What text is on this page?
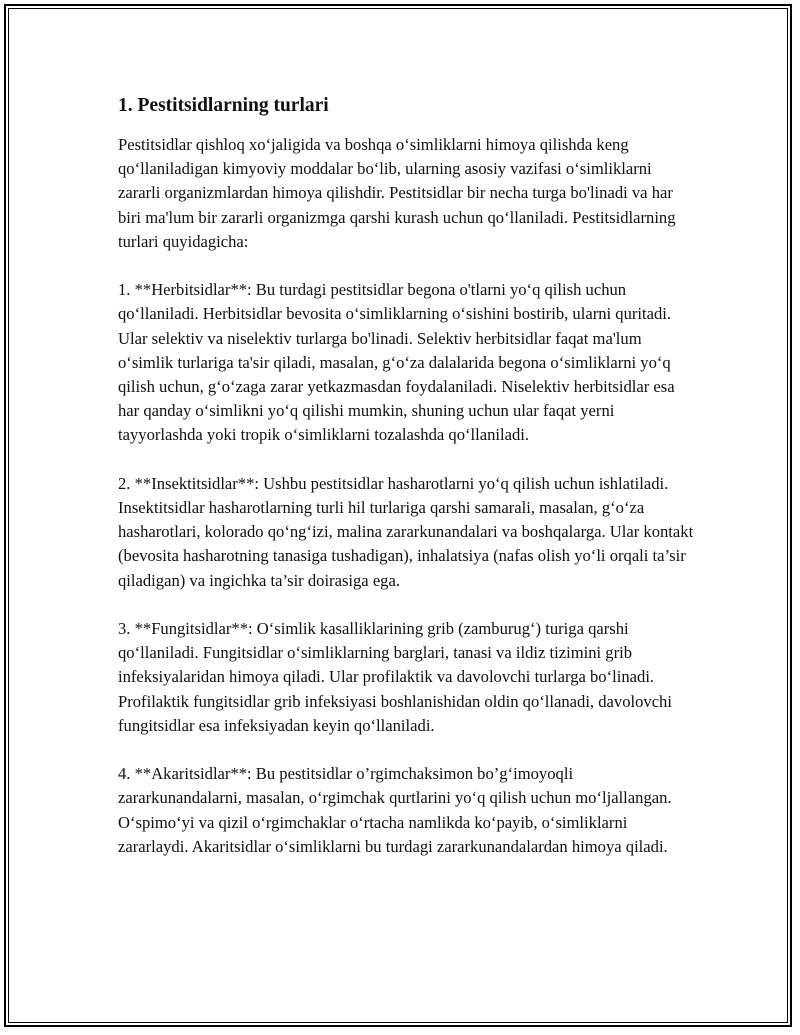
1. Pestitsidlarning turlari

Pestitsidlar qishloq xo‘jaligida va boshqa o‘simliklarni himoya qilishda keng qo‘llaniladigan kimyoviy moddalar bo‘lib, ularning asosiy vazifasi o‘simliklarni zararli organizmlardan himoya qilishdir. Pestitsidlar bir necha turga bo'linadi va har biri ma'lum bir zararli organizmga qarshi kurash uchun qo‘llaniladi. Pestitsidlarning turlari quyidagicha:

1. **Herbitsidlar**: Bu turdagi pestitsidlar begona o'tlarni yo‘q qilish uchun qo‘llaniladi. Herbitsidlar bevosita o‘simliklarning o‘sishini bostirib, ularni quritadi. Ular selektiv va niselektiv turlarga bo'linadi. Selektiv herbitsidlar faqat ma'lum o‘simlik turlariga ta'sir qiladi, masalan, g‘o‘za dalalarida begona o‘simliklarni yo‘q qilish uchun, g‘o‘zaga zarar yetkazmasdan foydalaniladi. Niselektiv herbitsidlar esa har qanday o‘simlikni yo‘q qilishi mumkin, shuning uchun ular faqat yerni tayyorlashda yoki tropik o‘simliklarni tozalashda qo‘llaniladi.

2. **Insektitsidlar**: Ushbu pestitsidlar hasharotlarni yo‘q qilish uchun ishlatiladi. Insektitsidlar hasharotlarning turli hil turlariga qarshi samarali, masalan, g‘o‘za hasharotlari, kolorado qo‘ng‘izi, malina zararkunandalari va boshqalarga. Ular kontakt (bevosita hasharotning tanasiga tushadigan), inhalatsiya (nafas olish yo‘li orqali ta’sir qiladigan) va ingichka ta’sir doirasiga ega.

3. **Fungitsidlar**: O‘simlik kasalliklarining grib (zamburug‘) turiga qarshi qo‘llaniladi. Fungitsidlar o‘simliklarning barglari, tanasi va ildiz tizimini grib infeksiyalaridan himoya qiladi. Ular profilaktik va davolovchi turlarga bo‘linadi. Profilaktik fungitsidlar grib infeksiyasi boshlanishidan oldin qo‘llanadi, davolovchi fungitsidlar esa infeksiyadan keyin qo‘llaniladi.

4. **Akaritsidlar**: Bu pestitsidlar o’rgimchaksimon bo’g‘imoyoqli zararkunandalarni, masalan, o‘rgimchak qurtlarini yo‘q qilish uchun mo‘ljallangan. O‘spimo‘yi va qizil o‘rgimchaklar o‘rtacha namlikda ko‘payib, o‘simliklarni zararlaydi. Akaritsidlar o‘simliklarni bu turdagi zararkunandalardan himoya qiladi.
